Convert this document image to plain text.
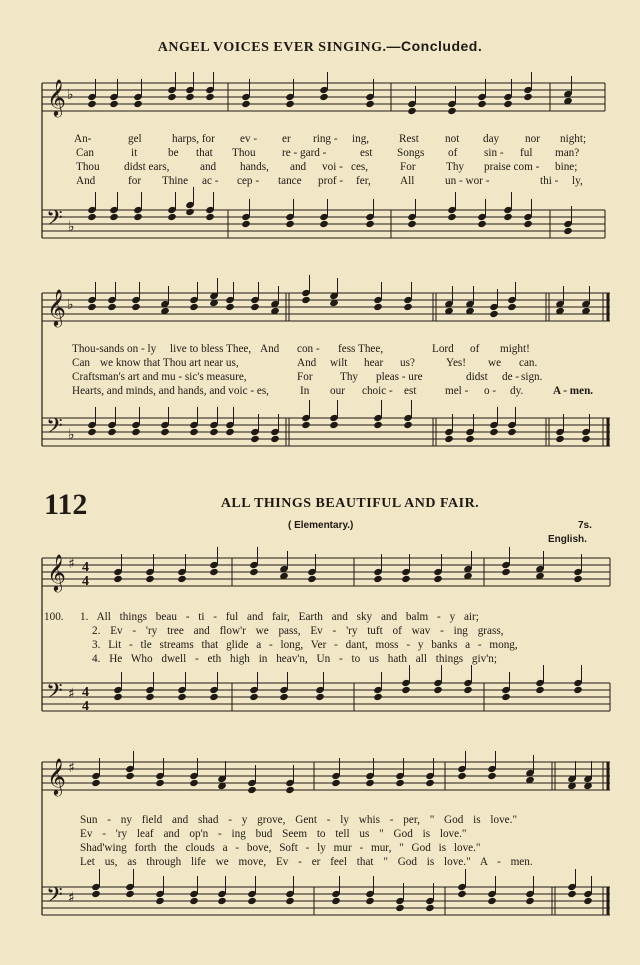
ANGEL VOICES EVER SINGING.—Concluded.
𝄞 ♭
An-	gel	harps, for ev - er ring - ing,	Rest not day nor night;
Can	it	be that Thou re - gard -	est Songs of sin - ful man?
Thou didst ears,	and hands, and voi - ces,	For	Thy praise com - bine;
And	for Thine ac - cep - tance prof - fer,	All	un - wor -	thi - ly,
𝄢 ♭
𝄞 ♭
Thou-sands on - ly live to bless Thee, And con - fess Thee,	Lord of might!
Can we know that Thou art near us,	And wilt hear us?	Yes! we can.
Craftsman's art and mu - sic's measure,	For Thy pleas - ure	didst de - sign.
Hearts, and minds, and hands, and voic - es,	In our choic - est	mel - o - dy.	A - men.
𝄢 ♭
112	ALL THINGS BEAUTIFUL AND FAIR.
( Elementary.)	7s.
English.
𝄞 ♯ 4
4
100. 1. All things beau - ti - ful and fair, Earth and sky and balm - y air;
2. Ev - 'ry tree and flow'r we pass, Ev - 'ry tuft of wav - ing grass,
3. Lit - tle streams that glide a - long, Ver - dant, moss - y banks a - mong,
4. He Who dwell - eth high in heav'n, Un - to us hath all things giv'n;
𝄢 ♯ 4
4
𝄞 ♯
Sun - ny field and shad - y grove, Gent - ly whis - per, " God is love."
Ev - 'ry leaf and op'n - ing bud Seem to tell us " God is love."
Shad'wing forth the clouds a - bove, Soft - ly mur - mur, " God is love."
Let us, as through life we move, Ev - er feel that " God is love." A - men.
𝄢 ♯
